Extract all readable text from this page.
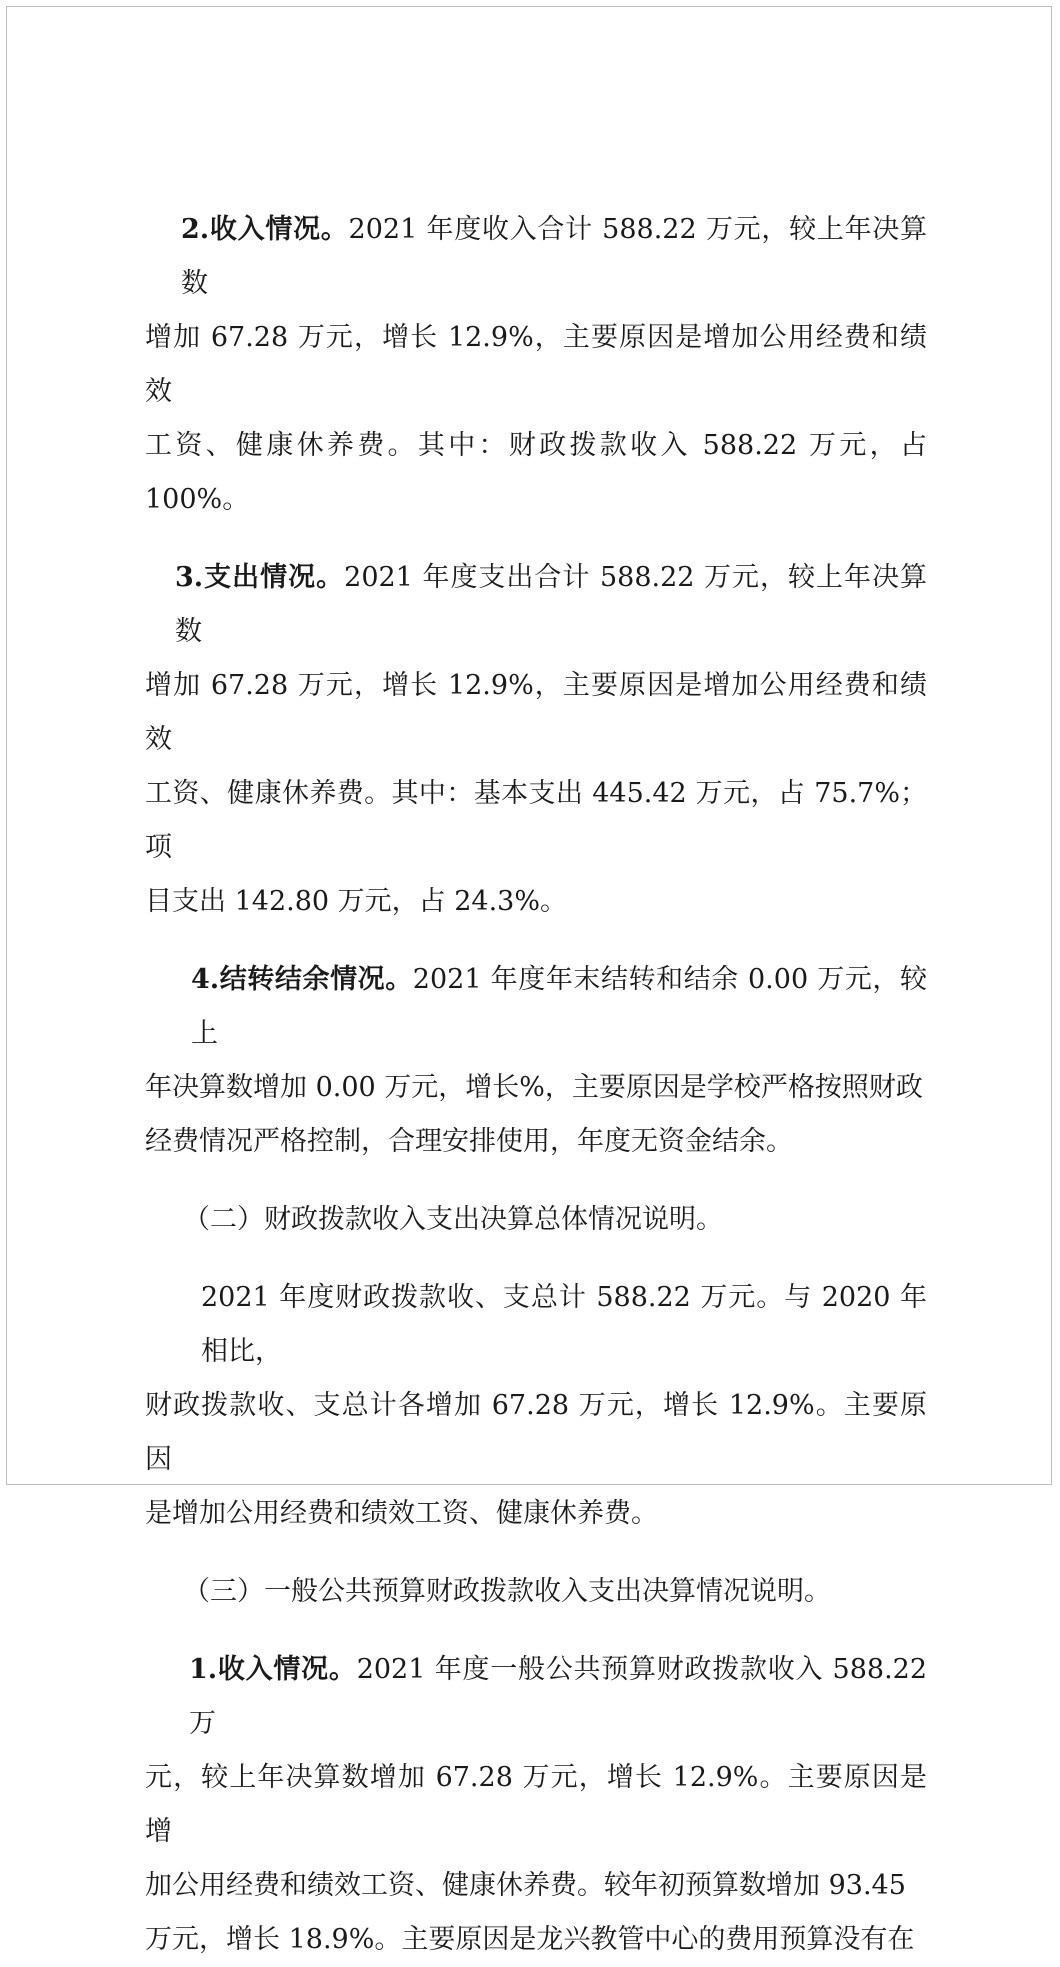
2.收入情况。2021 年度收入合计 588.22 万元，较上年决算数
增加 67.28 万元，增长 12.9%，主要原因是增加公用经费和绩效
工资、健康休养费。其中：财政拨款收入 588.22 万元，占 100%。
3.支出情况。2021 年度支出合计 588.22 万元，较上年决算数
增加 67.28 万元，增长 12.9%，主要原因是增加公用经费和绩效
工资、健康休养费。其中：基本支出 445.42 万元，占 75.7%；项
目支出 142.80 万元，占 24.3%。
4.结转结余情况。2021 年度年末结转和结余 0.00 万元，较上
年决算数增加 0.00 万元，增长%，主要原因是学校严格按照财政
经费情况严格控制，合理安排使用，年度无资金结余。
（二）财政拨款收入支出决算总体情况说明。
2021 年度财政拨款收、支总计 588.22 万元。与 2020 年相比，
财政拨款收、支总计各增加 67.28 万元，增长 12.9%。主要原因
是增加公用经费和绩效工资、健康休养费。
（三）一般公共预算财政拨款收入支出决算情况说明。
1.收入情况。2021 年度一般公共预算财政拨款收入 588.22 万
元，较上年决算数增加 67.28 万元，增长 12.9%。主要原因是增
加公用经费和绩效工资、健康休养费。较年初预算数增加 93.45
万元，增长 18.9%。主要原因是龙兴教管中心的费用预算没有在
